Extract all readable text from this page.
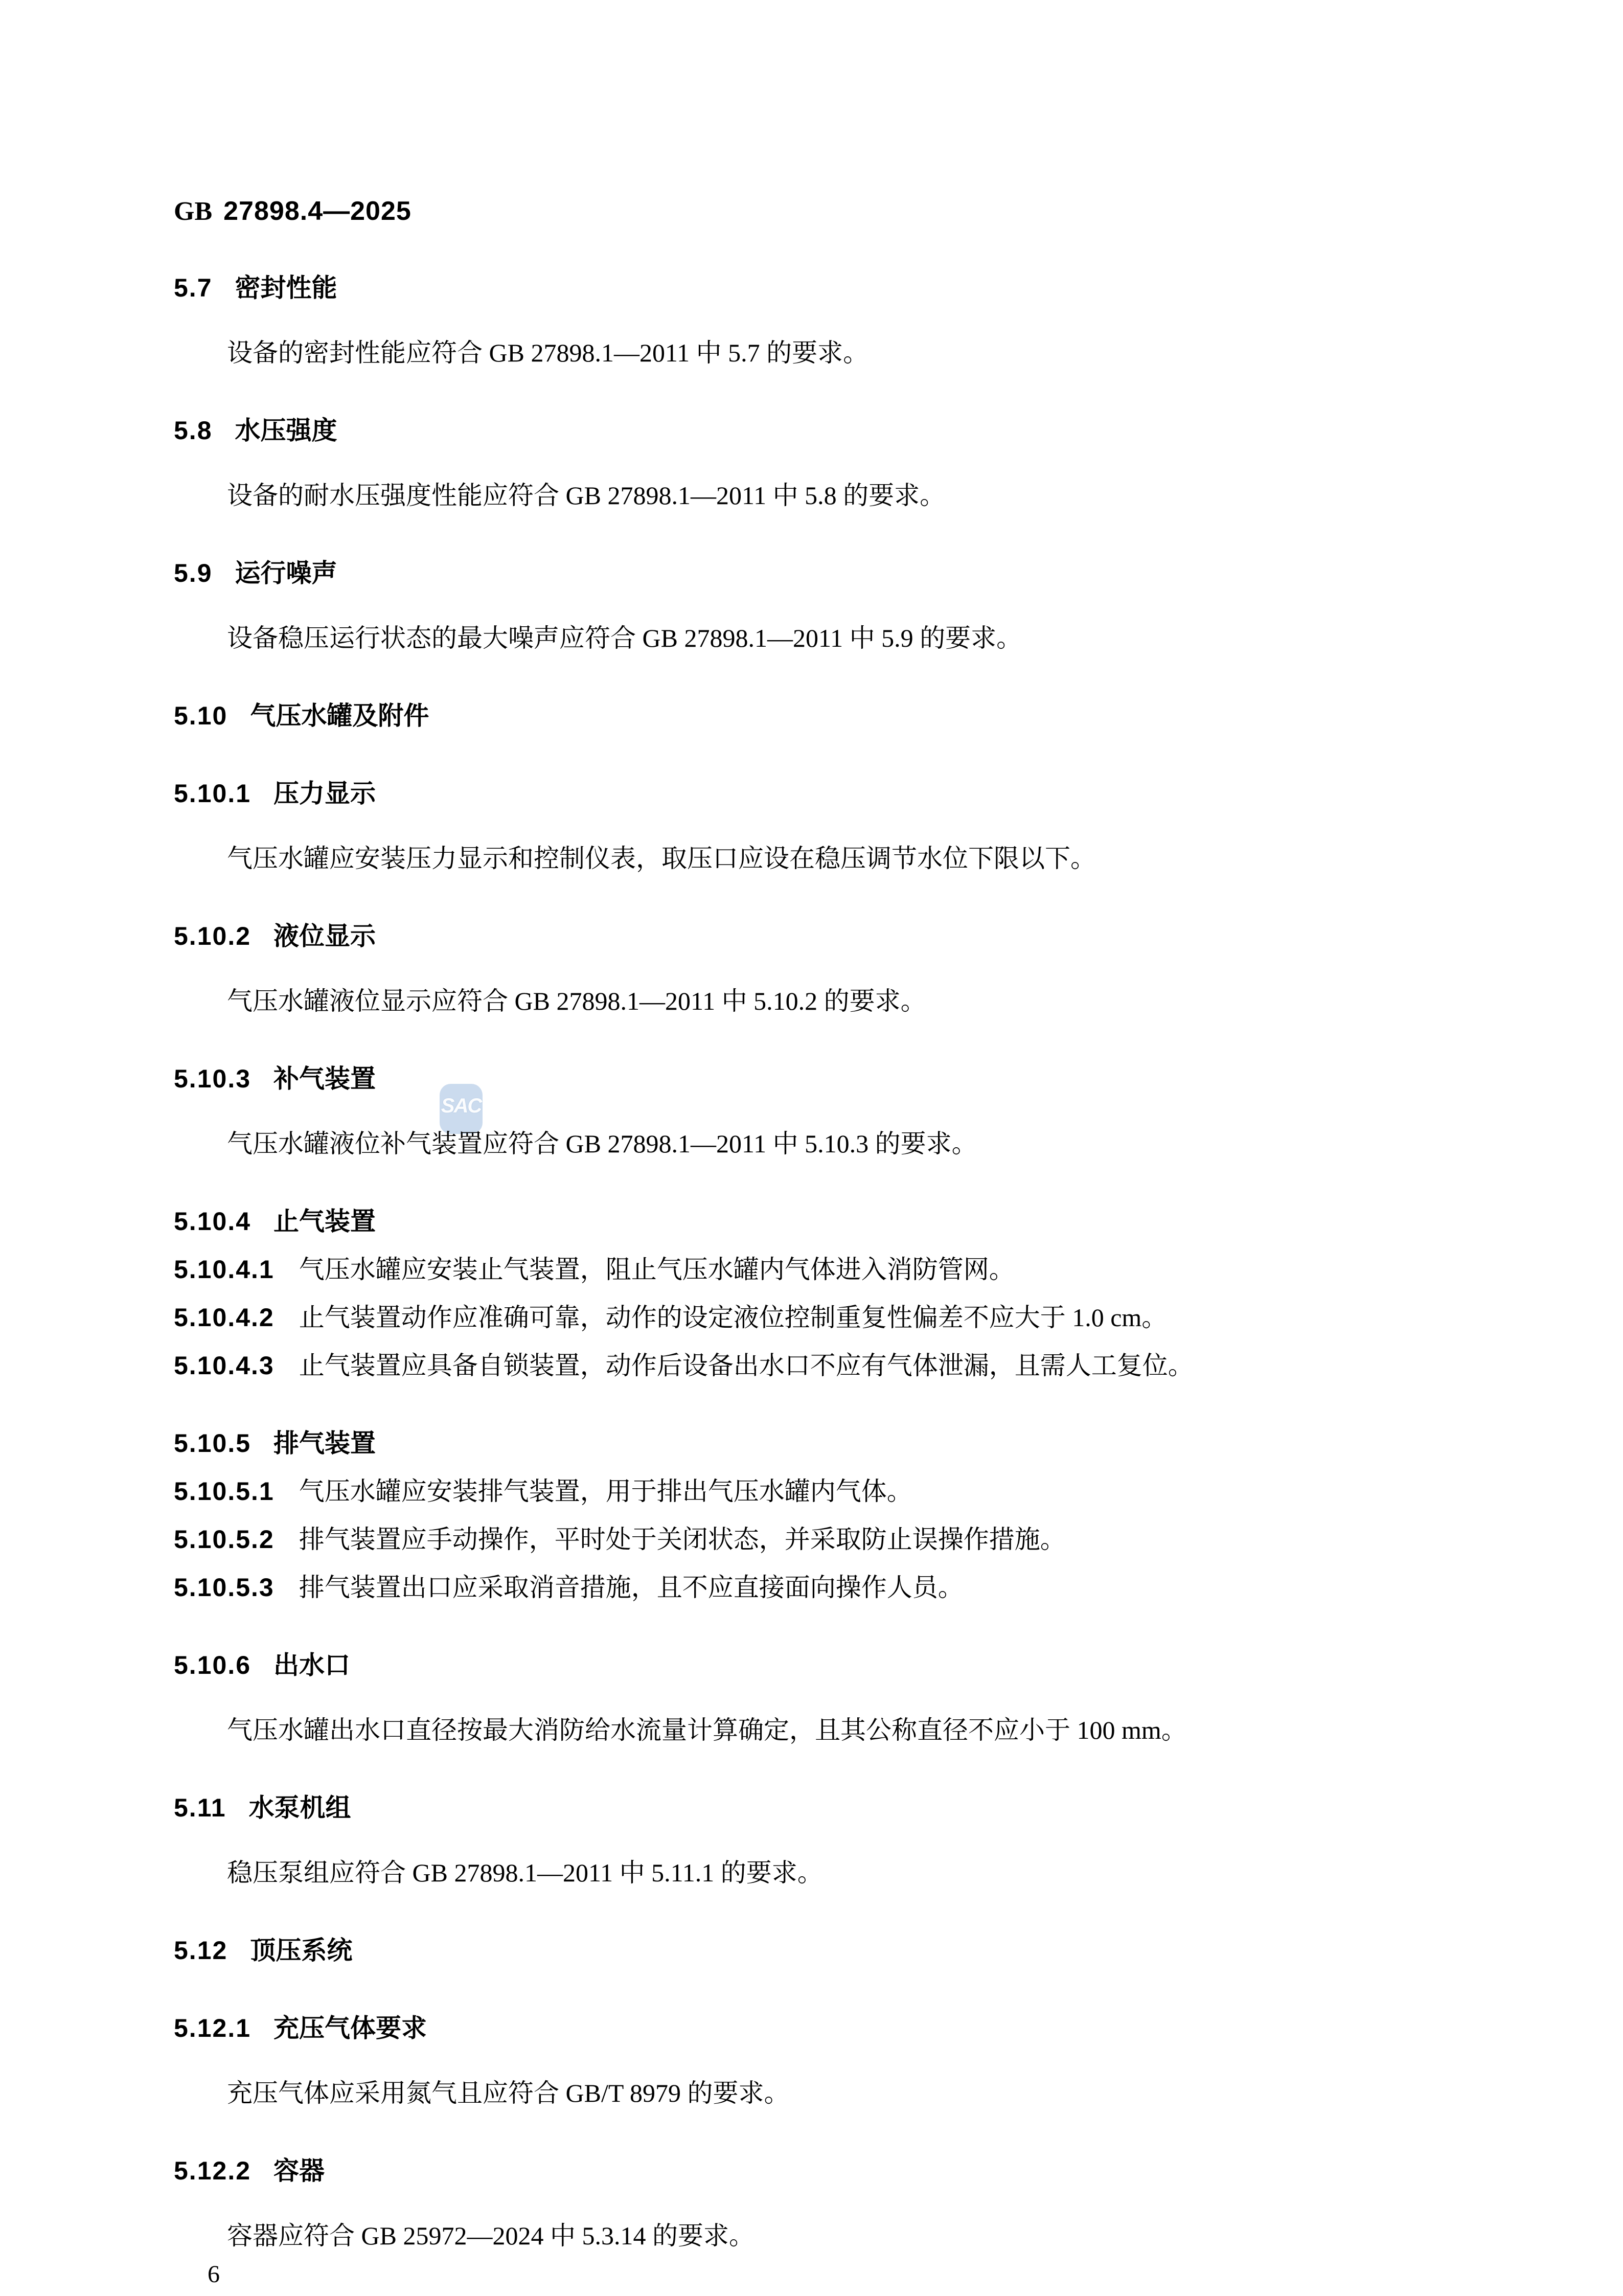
SAC
GB 27898.4—2025
5.7 密封性能
设备的密封性能应符合 GB 27898.1—2011 中 5.7 的要求。
5.8 水压强度
设备的耐水压强度性能应符合 GB 27898.1—2011 中 5.8 的要求。
5.9 运行噪声
设备稳压运行状态的最大噪声应符合 GB 27898.1—2011 中 5.9 的要求。
5.10 气压水罐及附件
5.10.1 压力显示
气压水罐应安装压力显示和控制仪表，取压口应设在稳压调节水位下限以下。
5.10.2 液位显示
气压水罐液位显示应符合 GB 27898.1—2011 中 5.10.2 的要求。
5.10.3 补气装置
气压水罐液位补气装置应符合 GB 27898.1—2011 中 5.10.3 的要求。
5.10.4 止气装置
5.10.4.1 气压水罐应安装止气装置，阻止气压水罐内气体进入消防管网。
5.10.4.2 止气装置动作应准确可靠，动作的设定液位控制重复性偏差不应大于 1.0 cm。
5.10.4.3 止气装置应具备自锁装置，动作后设备出水口不应有气体泄漏，且需人工复位。
5.10.5 排气装置
5.10.5.1 气压水罐应安装排气装置，用于排出气压水罐内气体。
5.10.5.2 排气装置应手动操作，平时处于关闭状态，并采取防止误操作措施。
5.10.5.3 排气装置出口应采取消音措施，且不应直接面向操作人员。
5.10.6 出水口
气压水罐出水口直径按最大消防给水流量计算确定，且其公称直径不应小于 100 mm。
5.11 水泵机组
稳压泵组应符合 GB 27898.1—2011 中 5.11.1 的要求。
5.12 顶压系统
5.12.1 充压气体要求
充压气体应采用氮气且应符合 GB/T 8979 的要求。
5.12.2 容器
容器应符合 GB 25972—2024 中 5.3.14 的要求。
6
